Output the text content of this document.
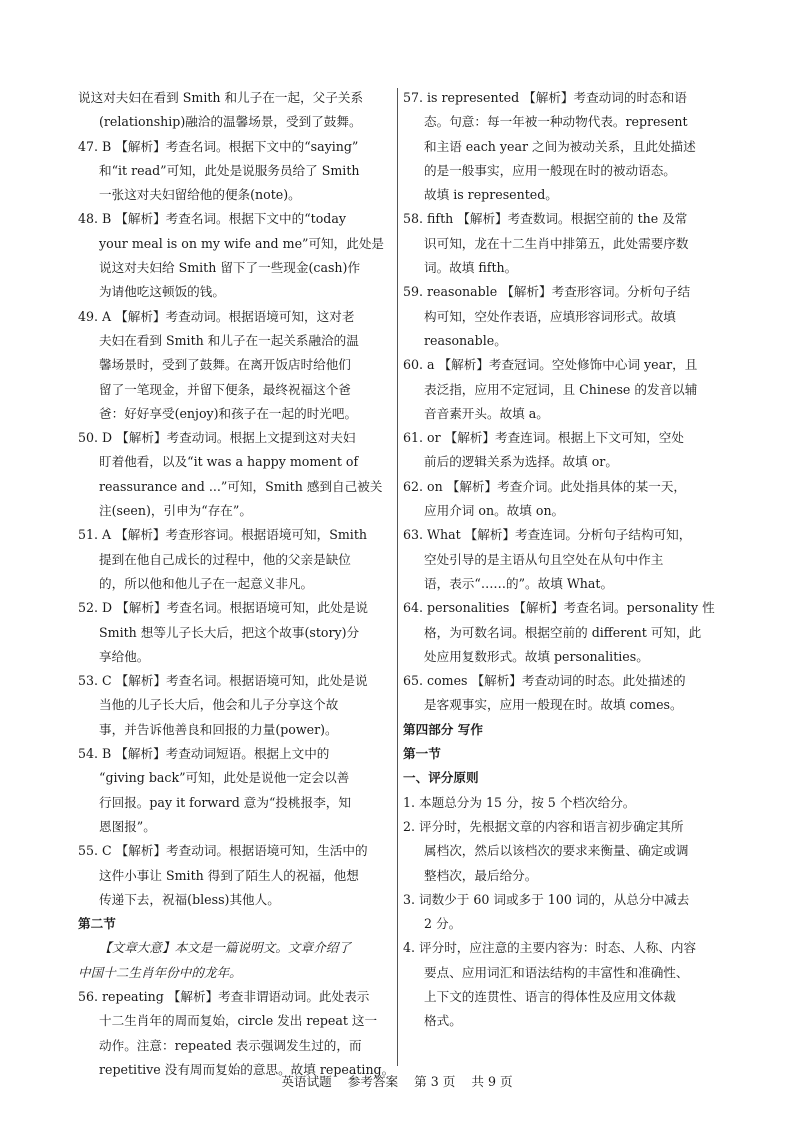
说这对夫妇在看到 Smith 和儿子在一起，父子关系
(relationship)融洽的温馨场景，受到了鼓舞。
47. B 【解析】考查名词。根据下文中的“saying”
和“it read”可知，此处是说服务员给了 Smith
一张这对夫妇留给他的便条(note)。
48. B 【解析】考查名词。根据下文中的“today
your meal is on my wife and me”可知，此处是
说这对夫妇给 Smith 留下了一些现金(cash)作
为请他吃这顿饭的钱。
49. A 【解析】考查动词。根据语境可知，这对老
夫妇在看到 Smith 和儿子在一起关系融洽的温
馨场景时，受到了鼓舞。在离开饭店时给他们
留了一笔现金，并留下便条，最终祝福这个爸
爸：好好享受(enjoy)和孩子在一起的时光吧。
50. D 【解析】考查动词。根据上文提到这对夫妇
盯着他看，以及“it was a happy moment of
reassurance and ...”可知，Smith 感到自己被关
注(seen)，引申为“存在”。
51. A 【解析】考查形容词。根据语境可知，Smith
提到在他自己成长的过程中，他的父亲是缺位
的，所以他和他儿子在一起意义非凡。
52. D 【解析】考查名词。根据语境可知，此处是说
Smith 想等儿子长大后，把这个故事(story)分
享给他。
53. C 【解析】考查名词。根据语境可知，此处是说
当他的儿子长大后，他会和儿子分享这个故
事，并告诉他善良和回报的力量(power)。
54. B 【解析】考查动词短语。根据上文中的
“giving back”可知，此处是说他一定会以善
行回报。pay it forward 意为“投桃报李，知
恩图报”。
55. C 【解析】考查动词。根据语境可知，生活中的
这件小事让 Smith 得到了陌生人的祝福，他想
传递下去，祝福(bless)其他人。
第二节
【文章大意】本文是一篇说明文。文章介绍了
中国十二生肖年份中的龙年。
56. repeating 【解析】考查非谓语动词。此处表示
十二生肖年的周而复始，circle 发出 repeat 这一
动作。注意：repeated 表示强调发生过的，而
repetitive 没有周而复始的意思。故填 repeating。
57. is represented 【解析】考查动词的时态和语
态。句意：每一年被一种动物代表。represent
和主语 each year 之间为被动关系，且此处描述
的是一般事实，应用一般现在时的被动语态。
故填 is represented。
58. fifth 【解析】考查数词。根据空前的 the 及常
识可知，龙在十二生肖中排第五，此处需要序数
词。故填 fifth。
59. reasonable 【解析】考查形容词。分析句子结
构可知，空处作表语，应填形容词形式。故填
reasonable。
60. a 【解析】考查冠词。空处修饰中心词 year，且
表泛指，应用不定冠词，且 Chinese 的发音以辅
音音素开头。故填 a。
61. or 【解析】考查连词。根据上下文可知，空处
前后的逻辑关系为选择。故填 or。
62. on 【解析】考查介词。此处指具体的某一天，
应用介词 on。故填 on。
63. What 【解析】考查连词。分析句子结构可知，
空处引导的是主语从句且空处在从句中作主
语，表示“……的”。故填 What。
64. personalities 【解析】考查名词。personality 性
格，为可数名词。根据空前的 different 可知，此
处应用复数形式。故填 personalities。
65. comes 【解析】考查动词的时态。此处描述的
是客观事实，应用一般现在时。故填 comes。
第四部分 写作
第一节
一、评分原则
1. 本题总分为 15 分，按 5 个档次给分。
2. 评分时，先根据文章的内容和语言初步确定其所
属档次，然后以该档次的要求来衡量、确定或调
整档次，最后给分。
3. 词数少于 60 词或多于 100 词的，从总分中减去
2 分。
4. 评分时，应注意的主要内容为：时态、人称、内容
要点、应用词汇和语法结构的丰富性和准确性、
上下文的连贯性、语言的得体性及应用文体裁
格式。
英语试题 参考答案 第 3 页 共 9 页
